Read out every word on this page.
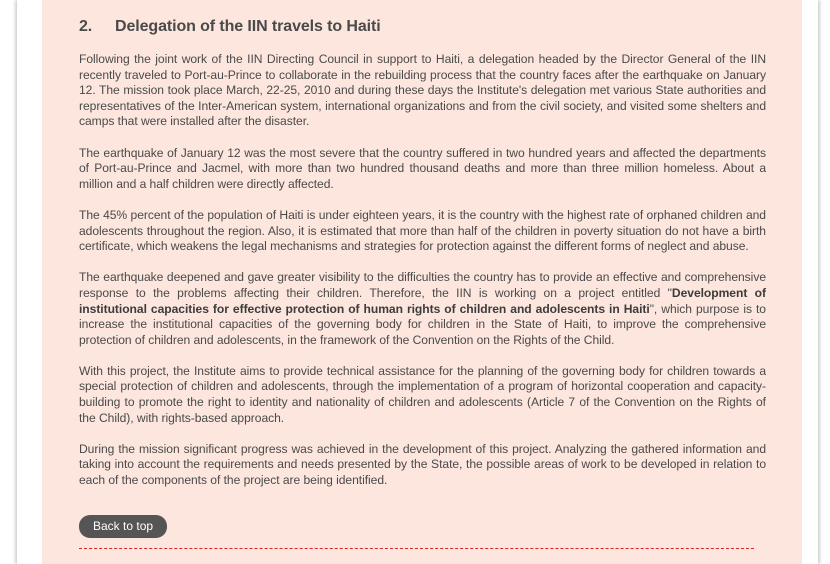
2. Delegation of the IIN travels to Haiti

Following the joint work of the IIN Directing Council in support to Haiti, a delegation headed by the Director General of the IIN recently traveled to Port-au-Prince to collaborate in the rebuilding process that the country faces after the earthquake on January 12. The mission took place March, 22-25, 2010 and during these days the Institute's delegation met various State authorities and representatives of the Inter-American system, international organizations and from the civil society, and visited some shelters and camps that were installed after the disaster.

The earthquake of January 12 was the most severe that the country suffered in two hundred years and affected the departments of Port-au-Prince and Jacmel, with more than two hundred thousand deaths and more than three million homeless. About a million and a half children were directly affected.

The 45% percent of the population of Haiti is under eighteen years, it is the country with the highest rate of orphaned children and adolescents throughout the region. Also, it is estimated that more than half of the children in poverty situation do not have a birth certificate, which weakens the legal mechanisms and strategies for protection against the different forms of neglect and abuse.

The earthquake deepened and gave greater visibility to the difficulties the country has to provide an effective and comprehensive response to the problems affecting their children. Therefore, the IIN is working on a project entitled "Development of institutional capacities for effective protection of human rights of children and adolescents in Haiti", which purpose is to increase the institutional capacities of the governing body for children in the State of Haiti, to improve the comprehensive protection of children and adolescents, in the framework of the Convention on the Rights of the Child.

With this project, the Institute aims to provide technical assistance for the planning of the governing body for children towards a special protection of children and adolescents, through the implementation of a program of horizontal cooperation and capacity-building to promote the right to identity and nationality of children and adolescents (Article 7 of the Convention on the Rights of the Child), with rights-based approach.

During the mission significant progress was achieved in the development of this project. Analyzing the gathered information and taking into account the requirements and needs presented by the State, the possible areas of work to be developed in relation to each of the components of the project are being identified.

Back to top
